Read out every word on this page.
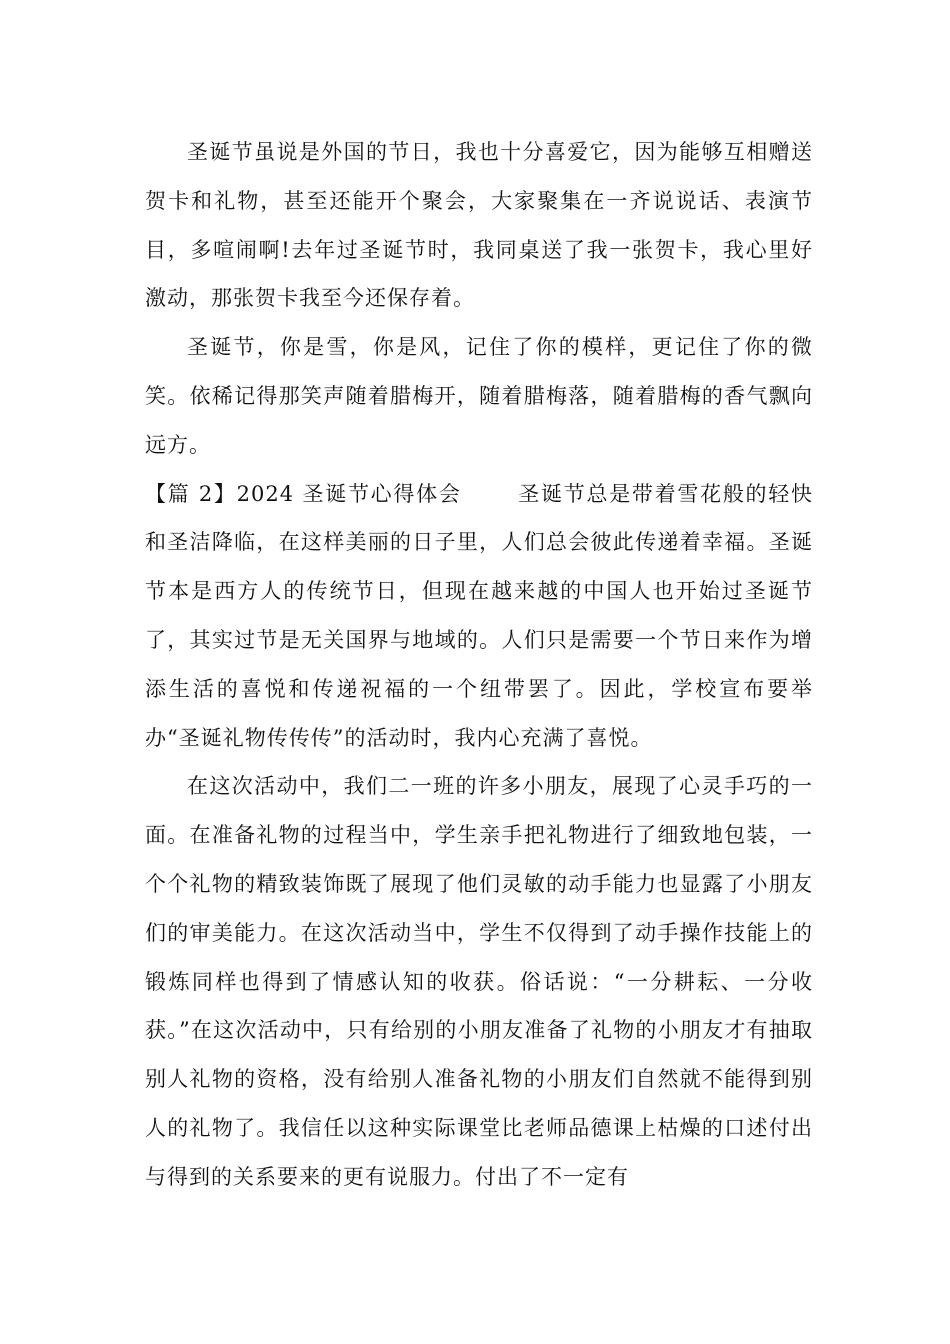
圣诞节虽说是外国的节日，我也十分喜爱它，因为能够互相赠送贺卡和礼物，甚至还能开个聚会，大家聚集在一齐说说话、表演节目，多喧闹啊!去年过圣诞节时，我同桌送了我一张贺卡，我心里好激动，那张贺卡我至今还保存着。

圣诞节，你是雪，你是风，记住了你的模样，更记住了你的微笑。依稀记得那笑声随着腊梅开，随着腊梅落，随着腊梅的香气飘向远方。

【篇 2】2024 圣诞节心得体会	圣诞节总是带着雪花般的轻快和圣洁降临，在这样美丽的日子里，人们总会彼此传递着幸福。圣诞节本是西方人的传统节日，但现在越来越的中国人也开始过圣诞节了，其实过节是无关国界与地域的。人们只是需要一个节日来作为增添生活的喜悦和传递祝福的一个纽带罢了。因此，学校宣布要举办“圣诞礼物传传传”的活动时，我内心充满了喜悦。

在这次活动中，我们二一班的许多小朋友，展现了心灵手巧的一面。在准备礼物的过程当中，学生亲手把礼物进行了细致地包装，一个个礼物的精致装饰既了展现了他们灵敏的动手能力也显露了小朋友们的审美能力。在这次活动当中，学生不仅得到了动手操作技能上的锻炼同样也得到了情感认知的收获。俗话说：“一分耕耘、一分收获。”在这次活动中，只有给别的小朋友准备了礼物的小朋友才有抽取别人礼物的资格，没有给别人准备礼物的小朋友们自然就不能得到别人的礼物了。我信任以这种实际课堂比老师品德课上枯燥的口述付出与得到的关系要来的更有说服力。付出了不一定有
